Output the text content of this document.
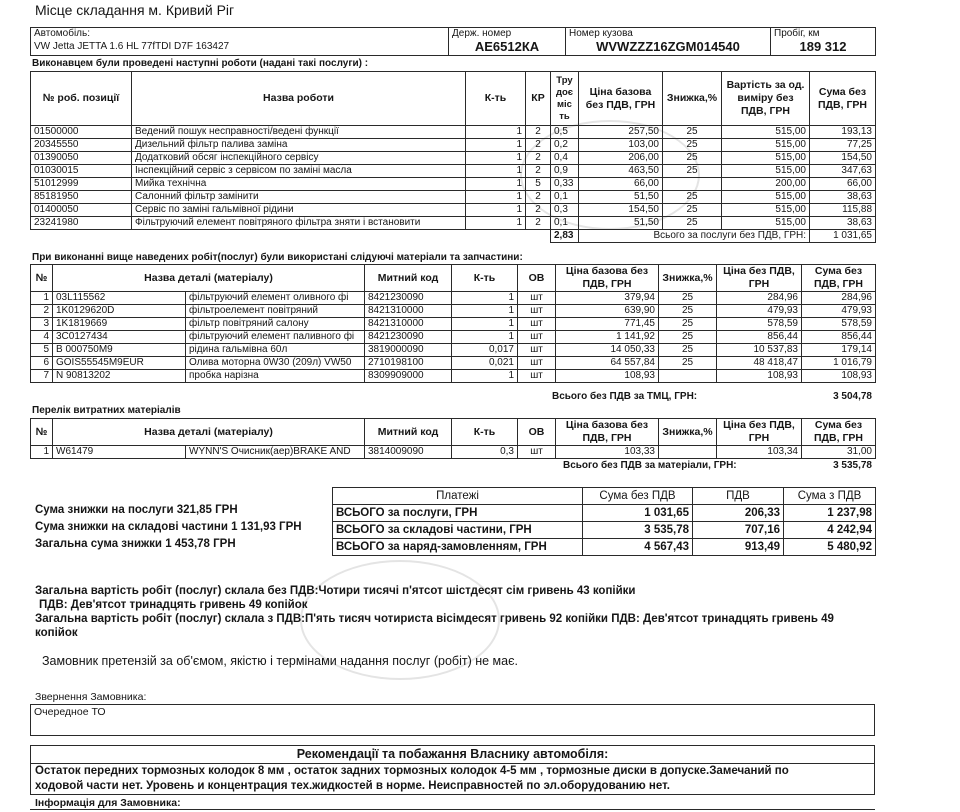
Місце складання м. Кривий Ріг
Автомобіль:
VW Jetta JETTA 1.6 HL 77fTDI D7F 163427

Держ. номер
АЕ6512КА

Номер кузова
WVWZZZ16ZGM014540

Пробіг, км
189 312
Виконавцем були проведені наступні роботи (надані такі послуги) :
№ роб. позиції	Назва роботи	К-ть	КР	Тру доє міс ть	Ціна базова без ПДВ, ГРН	Знижка,%	Вартість за од. виміру без ПДВ, ГРН	Сума без ПДВ, ГРН
01500000	Ведений пошук несправності/ведені функції	1	2	0,5	257,50	25	515,00	193,13
20345550	Дизельний фільтр палива заміна	1	2	0,2	103,00	25	515,00	77,25
01390050	Додатковий обсяг інспекційного сервісу	1	2	0,4	206,00	25	515,00	154,50
01030015	Інспекційний сервіс з сервісом по заміні масла	1	2	0,9	463,50	25	515,00	347,63
51012999	Мийка технічна	1	5	0,33	66,00		200,00	66,00
85181950	Салонний фільтр замінити	1	2	0,1	51,50	25	515,00	38,63
01400050	Сервіс по заміні гальмівної рідини	1	2	0,3	154,50	25	515,00	115,88
23241980	Фільтруючий елемент повітряного фільтра зняти і встановити	1	2	0,1	51,50	25	515,00	38,63
				2,83	Всього за послуги без ПДВ, ГРН:			1 031,65
При виконанні вище наведених робіт(послуг) були використані слідуючі матеріали та запчастини:
№	Назва деталі (матеріалу)		Митний код	К-ть	ОВ	Ціна базова без ПДВ, ГРН	Знижка,%	Ціна без ПДВ, ГРН	Сума без ПДВ, ГРН
1	03L115562	фільтруючий елемент оливного фі	8421230090	1	шт	379,94	25	284,96	284,96
2	1K0129620D	фільтроелемент повітряний	8421310000	1	шт	639,90	25	479,93	479,93
3	1K1819669	фільтр повітряний салону	8421310000	1	шт	771,45	25	578,59	578,59
4	3C0127434	фільтруючий елемент паливного фі	8421230090	1	шт	1 141,92	25	856,44	856,44
5	B 000750M9	рідина гальмівна 60л	3819000090	0,017	шт	14 050,33	25	10 537,83	179,14
6	GOIS55545M9EUR	Олива моторна 0W30 (209л) VW50	2710198100	0,021	шт	64 557,84	25	48 418,47	1 016,79
7	N 90813202	пробка нарізна	8309909000	1	шт	108,93		108,93	108,93
Всього без ПДВ за ТМЦ, ГРН:	3 504,78
Перелік витратних матеріалів
№	Назва деталі (матеріалу)		Митний код	К-ть	ОВ	Ціна базова без ПДВ, ГРН	Знижка,%	Ціна без ПДВ, ГРН	Сума без ПДВ, ГРН
1	W61479	WYNN'S Очисник(аер)BRAKE AND	3814009090	0,3	шт	103,33		103,34	31,00
Всього без ПДВ за матеріали, ГРН:	3 535,78
Сума знижки на послуги 321,85 ГРН
Сума знижки на складові частини 1 131,93 ГРН
Загальна сума знижки 1 453,78 ГРН
Платежі	Сума без ПДВ	ПДВ	Сума з ПДВ
ВСЬОГО за послуги, ГРН	1 031,65	206,33	1 237,98
ВСЬОГО за складові частини, ГРН	3 535,78	707,16	4 242,94
ВСЬОГО за наряд-замовленням, ГРН	4 567,43	913,49	5 480,92
Загальна вартість робіт (послуг) склала без ПДВ:Чотири тисячі п'ятсот шістдесят сім гривень 43 копійки
ПДВ: Дев'ятсот тринадцять гривень 49 копійок
Загальна вартість робіт (послуг) склала з ПДВ:П'ять тисяч чотириста вісімдесят гривень 92 копійки ПДВ: Дев'ятсот тринадцять гривень 49
копійок
Замовник претензій за об'ємом, якістю і термінами надання послуг (робіт) не має.
Звернення Замовника:
Очередное ТО
Рекомендації та побажання Власнику автомобіля:
Остаток передних тормозных колодок 8 мм , остаток задних тормозных колодок 4-5 мм , тормозные диски в допуске.Замечаний по
ходовой части нет. Уровень и концентрация тех.жидкостей в норме. Неисправностей по эл.оборудованию нет.
Інформація для Замовника:
